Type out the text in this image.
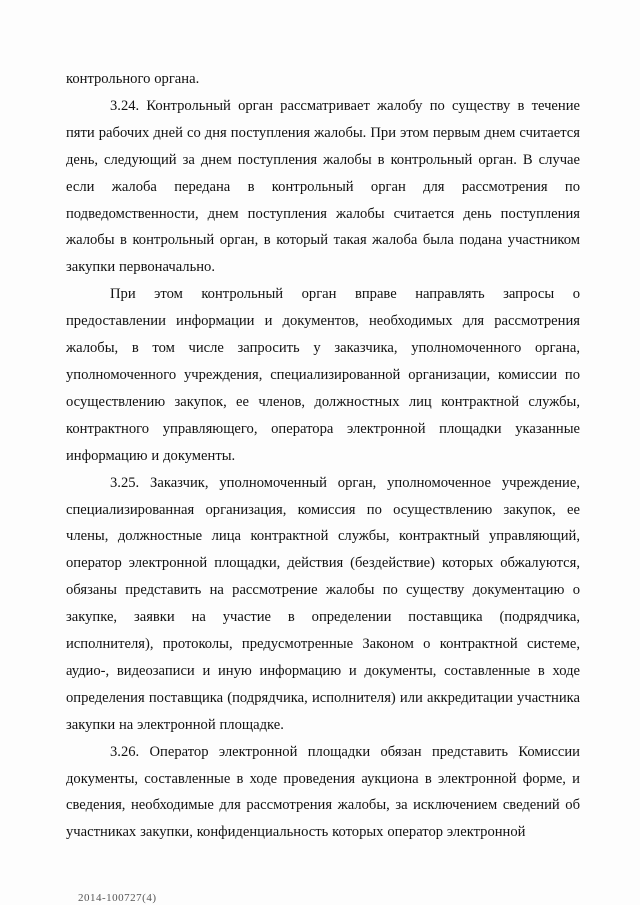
контрольного органа.

3.24. Контрольный орган рассматривает жалобу по существу в течение пяти рабочих дней со дня поступления жалобы. При этом первым днем считается день, следующий за днем поступления жалобы в контрольный орган. В случае если жалоба передана в контрольный орган для рассмотрения по подведомственности, днем поступления жалобы считается день поступления жалобы в контрольный орган, в который такая жалоба была подана участником закупки первоначально.

При этом контрольный орган вправе направлять запросы о предоставлении информации и документов, необходимых для рассмотрения жалобы, в том числе запросить у заказчика, уполномоченного органа, уполномоченного учреждения, специализированной организации, комиссии по осуществлению закупок, ее членов, должностных лиц контрактной службы, контрактного управляющего, оператора электронной площадки указанные информацию и документы.

3.25. Заказчик, уполномоченный орган, уполномоченное учреждение, специализированная организация, комиссия по осуществлению закупок, ее члены, должностные лица контрактной службы, контрактный управляющий, оператор электронной площадки, действия (бездействие) которых обжалуются, обязаны представить на рассмотрение жалобы по существу документацию о закупке, заявки на участие в определении поставщика (подрядчика, исполнителя), протоколы, предусмотренные Законом о контрактной системе, аудио-, видеозаписи и иную информацию и документы, составленные в ходе определения поставщика (подрядчика, исполнителя) или аккредитации участника закупки на электронной площадке.

3.26. Оператор электронной площадки обязан представить Комиссии документы, составленные в ходе проведения аукциона в электронной форме, и сведения, необходимые для рассмотрения жалобы, за исключением сведений об участниках закупки, конфиденциальность которых оператор электронной

2014-100727(4)
